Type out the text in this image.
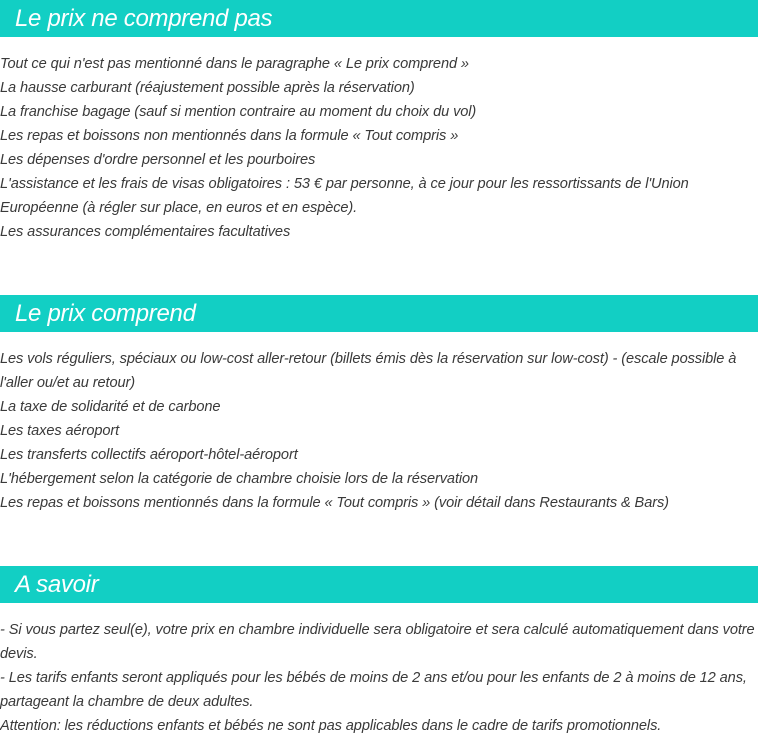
Le prix ne comprend pas
Tout ce qui n'est pas mentionné dans le paragraphe « Le prix comprend »
La hausse carburant (réajustement possible après la réservation)
La franchise bagage (sauf si mention contraire au moment du choix du vol)
Les repas et boissons non mentionnés dans la formule « Tout compris »
Les dépenses d'ordre personnel et les pourboires
L'assistance et les frais de visas obligatoires : 53 € par personne, à ce jour pour les ressortissants de l'Union Européenne (à régler sur place, en euros et en espèce).
Les assurances complémentaires facultatives
Le prix comprend
Les vols réguliers, spéciaux ou low-cost aller-retour (billets émis dès la réservation sur low-cost) - (escale possible à l'aller ou/et au retour)
La taxe de solidarité et de carbone
Les taxes aéroport
Les transferts collectifs aéroport-hôtel-aéroport
L'hébergement selon la catégorie de chambre choisie lors de la réservation
Les repas et boissons mentionnés dans la formule « Tout compris » (voir détail dans Restaurants & Bars)
A savoir
- Si vous partez seul(e), votre prix en chambre individuelle sera obligatoire et sera calculé automatiquement dans votre devis.
- Les tarifs enfants seront appliqués pour les bébés de moins de 2 ans et/ou pour les enfants de 2 à moins de 12 ans, partageant la chambre de deux adultes.
Attention: les réductions enfants et bébés ne sont pas applicables dans le cadre de tarifs promotionnels.
